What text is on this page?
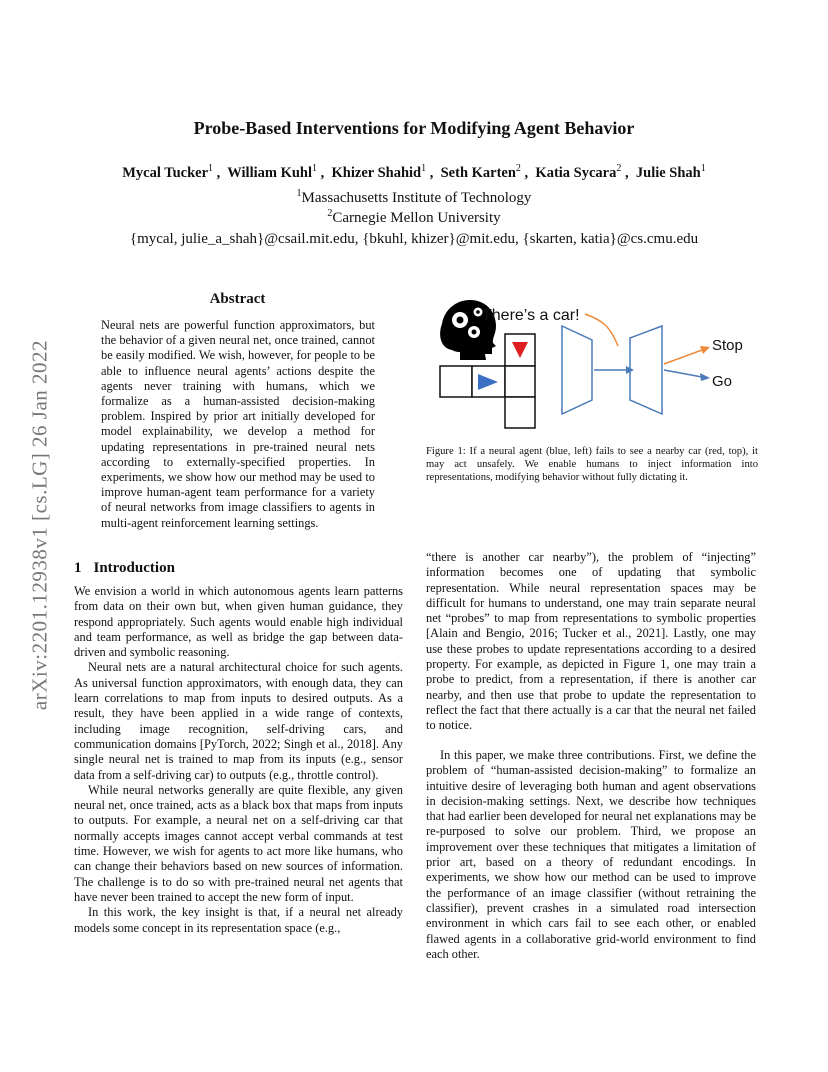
Probe-Based Interventions for Modifying Agent Behavior
Mycal Tucker$^1$ ,  William Kuhl$^1$ ,  Khizer Shahid$^1$ ,  Seth Karten$^2$ ,  Katia Sycara$^2$ ,  Julie Shah$^1$
$^1$Massachusetts Institute of Technology
$^2$Carnegie Mellon University
{mycal, julie_a_shah}@csail.mit.edu, {bkuhl, khizer}@mit.edu, {skarten, katia}@cs.cmu.edu
arXiv:2201.12938v1 [cs.LG] 26 Jan 2022
Abstract
Neural nets are powerful function approximators, but the behavior of a given neural net, once trained, cannot be easily modified. We wish, however, for people to be able to influence neural agents’ actions despite the agents never training with humans, which we formalize as a human-assisted decision-making problem. Inspired by prior art initially developed for model explainability, we develop a method for updating representations in pre-trained neural nets according to externally-specified properties. In experiments, we show how our method may be used to improve human-agent team performance for a variety of neural networks from image classifiers to agents in multi-agent reinforcement learning settings.
There’s a car!
Stop
Go
Figure 1: If a neural agent (blue, left) fails to see a nearby car (red, top), it may act unsafely. We enable humans to inject information into representations, modifying behavior without fully dictating it.
1 Introduction

We envision a world in which autonomous agents learn patterns from data on their own but, when given human guidance, they respond appropriately. Such agents would enable high individual and team performance, as well as bridge the gap between data-driven and symbolic reasoning.

Neural nets are a natural architectural choice for such agents. As universal function approximators, with enough data, they can learn correlations to map from inputs to desired outputs. As a result, they have been applied in a wide range of contexts, including image recognition, self-driving cars, and communication domains [PyTorch, 2022; Singh et al., 2018]. Any single neural net is trained to map from its inputs (e.g., sensor data from a self-driving car) to outputs (e.g., throttle control).

While neural networks generally are quite flexible, any given neural net, once trained, acts as a black box that maps from inputs to outputs. For example, a neural net on a self-driving car that normally accepts images cannot accept verbal commands at test time. However, we wish for agents to act more like humans, who can change their behaviors based on new sources of information. The challenge is to do so with pre-trained neural net agents that have never been trained to accept the new form of input.

In this work, the key insight is that, if a neural net already models some concept in its representation space (e.g.,

“there is another car nearby”), the problem of “injecting” information becomes one of updating that symbolic representation. While neural representation spaces may be difficult for humans to understand, one may train separate neural net “probes” to map from representations to symbolic properties [Alain and Bengio, 2016; Tucker et al., 2021]. Lastly, one may use these probes to update representations according to a desired property. For example, as depicted in Figure 1, one may train a probe to predict, from a representation, if there is another car nearby, and then use that probe to update the representation to reflect the fact that there actually is a car that the neural net failed to notice.

In this paper, we make three contributions. First, we define the problem of “human-assisted decision-making” to formalize an intuitive desire of leveraging both human and agent observations in decision-making settings. Next, we describe how techniques that had earlier been developed for neural net explanations may be re-purposed to solve our problem. Third, we propose an improvement over these techniques that mitigates a limitation of prior art, based on a theory of redundant encodings. In experiments, we show how our method can be used to improve the performance of an image classifier (without retraining the classifier), prevent crashes in a simulated road intersection environment in which cars fail to see each other, or enabled flawed agents in a collaborative grid-world environment to find each other.
